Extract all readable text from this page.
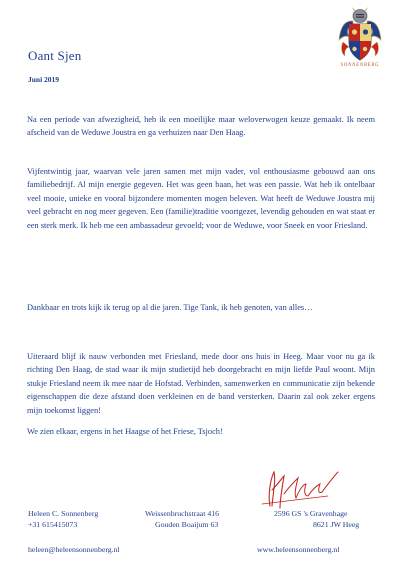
Oant Sjen
Juni 2019
SONNENBERG
Na een periode van afwezigheid, heb ik een moeilijke maar weloverwogen keuze gemaakt. Ik neem afscheid van de Weduwe Joustra en ga verhuizen naar Den Haag.
Vijfentwintig jaar, waarvan vele jaren samen met mijn vader, vol enthousiasme gebouwd aan ons familiebedrijf. Al mijn energie gegeven. Het was geen baan, het was een passie. Wat heb ik ontelbaar veel mooie, unieke en vooral bijzondere momenten mogen beleven. Wat heeft de Weduwe Joustra mij veel gebracht en nog meer gegeven. Een (familie)traditie voortgezet, levendig gehouden en wat staat er een sterk merk. Ik heb me een ambassadeur gevoeld; voor de Weduwe, voor Sneek en voor Friesland.
Dankbaar en trots kijk ik terug op al die jaren. Tige Tank, ik heb genoten, van alles…
Uiteraard blijf ik nauw verbonden met Friesland, mede door ons huis in Heeg. Maar voor nu ga ik richting Den Haag, de stad waar ik mijn studietijd heb doorgebracht en mijn liefde Paul woont. Mijn stukje Friesland neem ik mee naar de Hofstad. Verbinden, samenwerken en communicatie zijn bekende eigenschappen die deze afstand doen verkleinen en de band versterken. Daarin zal ook zeker ergens mijn toekomst liggen!
We zien elkaar, ergens in het Haagse of het Friese, Tsjoch!
Heleen C. Sonnenberg
+31 615415073
Weissenbruchstraat 416
Gouden Boaijum 63
2596 GS 's Gravenhage
8621 JW Heeg
heleen@heleensonnenberg.nl	www.heleensonnenberg.nl
